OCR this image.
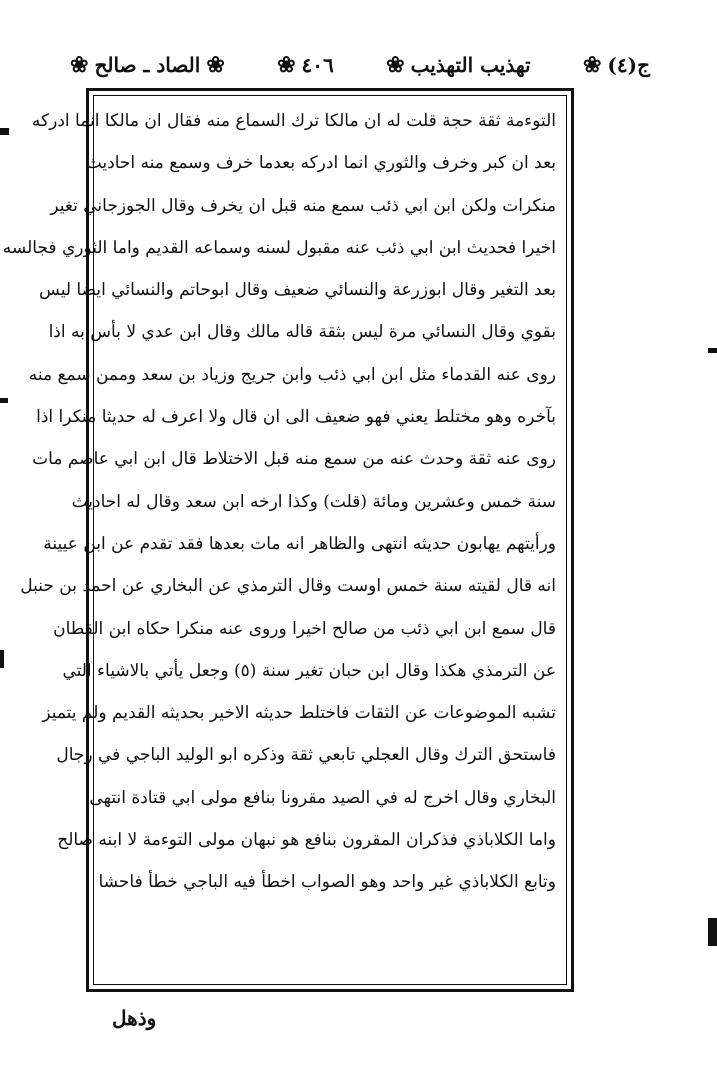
ج(٤)
❀
تهذيب التهذيب
❀
٤٠٦
❀
❀
الصاد ـ صالح
❀
التوءمة ثقة حجة قلت له ان مالكا ترك السماع منه فقال ان مالكا انما ادركه
بعد ان كبر وخرف والثوري انما ادركه بعدما خرف وسمع منه احاديث
منكرات ولكن ابن ابي ذئب سمع منه قبل ان يخرف وقال الجوزجاني تغير
اخيرا فحديث ابن ابي ذئب عنه مقبول لسنه وسماعه القديم واما الثوري فجالسه
بعد التغير وقال ابوزرعة والنسائي ضعيف وقال ابوحاتم والنسائي ايضا ليس
بقوي وقال النسائي مرة ليس بثقة قاله مالك وقال ابن عدي لا بأس به اذا
روى عنه القدماء مثل ابن ابي ذئب وابن جريج وزياد بن سعد وممن سمع منه
بآخره وهو مختلط يعني فهو ضعيف الى ان قال ولا اعرف له حديثا منكرا اذا
روى عنه ثقة وحدث عنه من سمع منه قبل الاختلاط قال ابن ابي عاصم مات
سنة خمس وعشرين ومائة (قلت) وكذا ارخه ابن سعد وقال له احاديث
ورأيتهم يهابون حديثه انتهى والظاهر انه مات بعدها فقد تقدم عن ابن عيينة
انه قال لقيته سنة خمس اوست وقال الترمذي عن البخاري عن احمد بن حنبل
قال سمع ابن ابي ذئب من صالح اخيرا وروى عنه منكرا حكاه ابن القطان
عن الترمذي هكذا وقال ابن حبان تغير سنة (٥) وجعل يأتي بالاشياء التي
تشبه الموضوعات عن الثقات فاختلط حديثه الاخير بحديثه القديم ولم يتميز
فاستحق الترك وقال العجلي تابعي ثقة وذكره ابو الوليد الباجي في رجال
البخاري وقال اخرج له في الصيد مقرونا بنافع مولى ابي قتادة انتهى
واما الكلاباذي فذكران المقرون بنافع هو نبهان مولى التوءمة لا ابنه صالح
وتابع الكلاباذي غير واحد وهو الصواب اخطأ فيه الباجي خطأ فاحشا
وذهل
